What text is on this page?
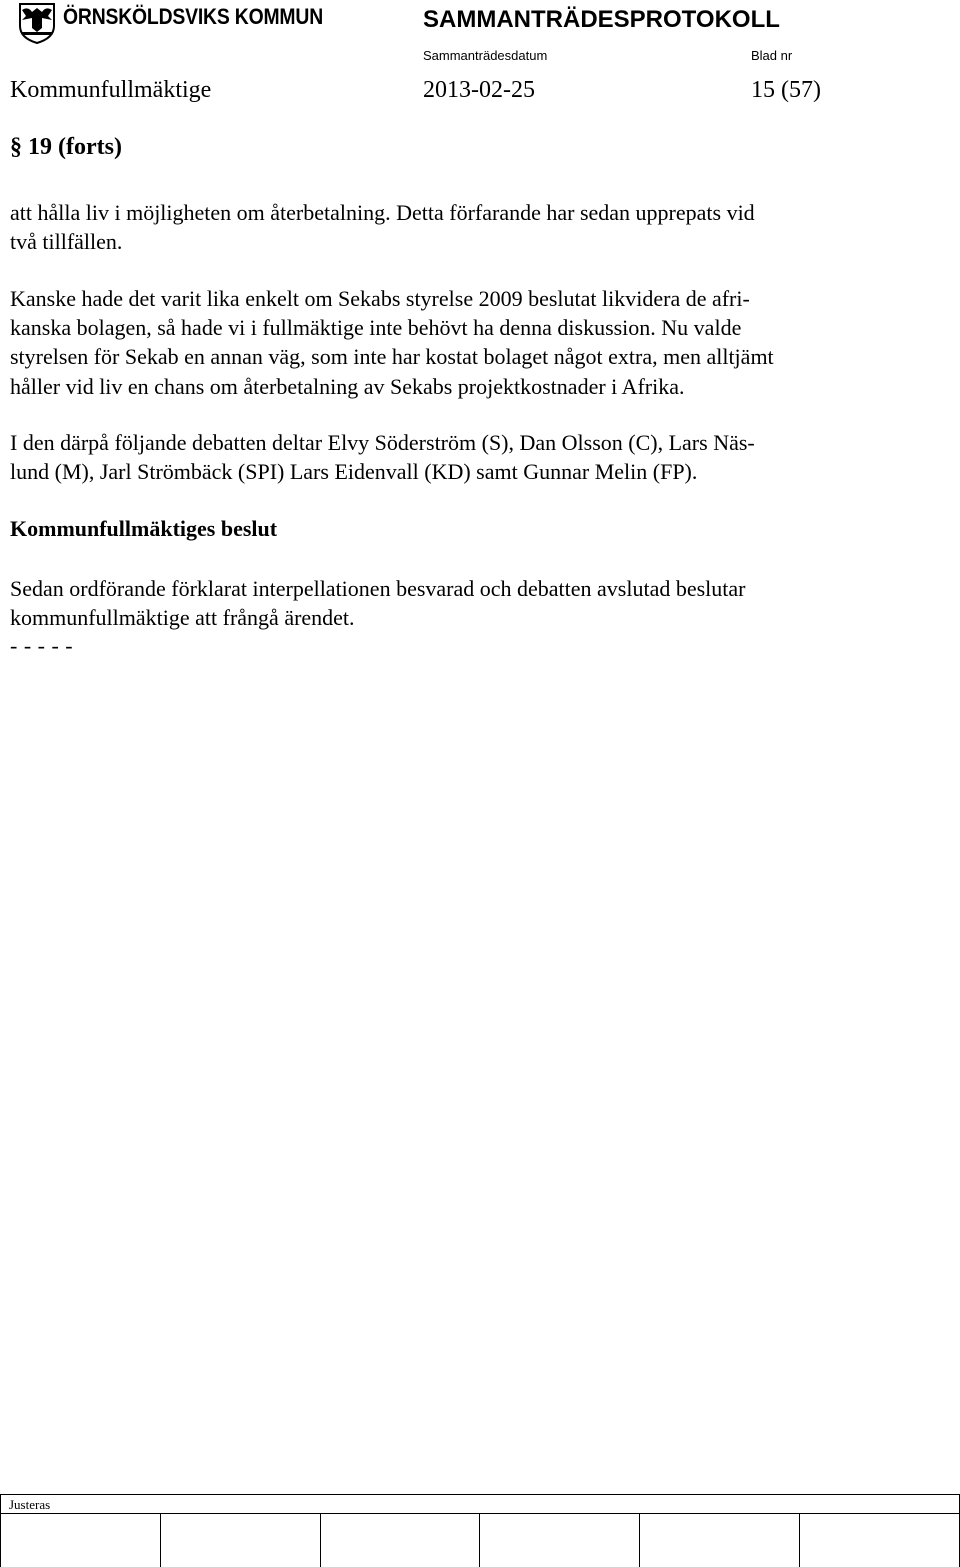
ÖRNSKÖLDSVIKS KOMMUN	SAMMANTRÄDESPROTOKOLL
Sammanträdesdatum	Blad nr
Kommunfullmäktige	2013-02-25	15 (57)
§ 19 (forts)
att hålla liv i möjligheten om återbetalning. Detta förfarande har sedan upprepats vid
två tillfällen.
Kanske hade det varit lika enkelt om Sekabs styrelse 2009 beslutat likvidera de afri-
kanska bolagen, så hade vi i fullmäktige inte behövt ha denna diskussion. Nu valde
styrelsen för Sekab en annan väg, som inte har kostat bolaget något extra, men alltjämt
håller vid liv en chans om återbetalning av Sekabs projektkostnader i Afrika.
I den därpå följande debatten deltar Elvy Söderström (S), Dan Olsson (C), Lars Näs-
lund (M), Jarl Strömbäck (SPI) Lars Eidenvall (KD) samt Gunnar Melin (FP).
Kommunfullmäktiges beslut
Sedan ordförande förklarat interpellationen besvarad och debatten avslutad beslutar
kommunfullmäktige att frångå ärendet.
- - - - -
Justeras
